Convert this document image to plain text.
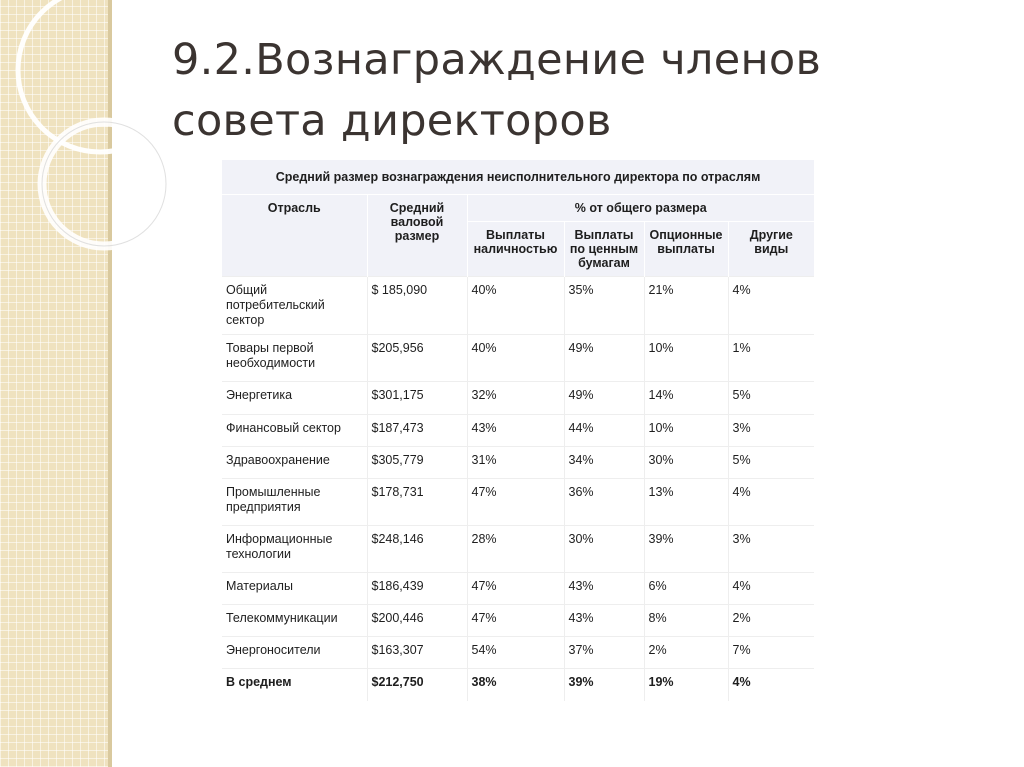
9.2.Вознаграждение членов
совета директоров
Средний размер вознаграждения неисполнительного директора по отраслям					
Отрасль	Средний валовой размер	% от общего размера			
		Выплаты наличностью	Выплаты по ценным бумагам	Опционные выплаты	Другие виды
Общий потребительский сектор	$ 185,090	40%	35%	21%	4%
Товары первой необходимости	$205,956	40%	49%	10%	1%
Энергетика	$301,175	32%	49%	14%	5%
Финансовый сектор	$187,473	43%	44%	10%	3%
Здравоохранение	$305,779	31%	34%	30%	5%
Промышленные предприятия	$178,731	47%	36%	13%	4%
Информационные технологии	$248,146	28%	30%	39%	3%
Материалы	$186,439	47%	43%	6%	4%
Телекоммуникации	$200,446	47%	43%	8%	2%
Энергоносители	$163,307	54%	37%	2%	7%
В среднем	$212,750	38%	39%	19%	4%
